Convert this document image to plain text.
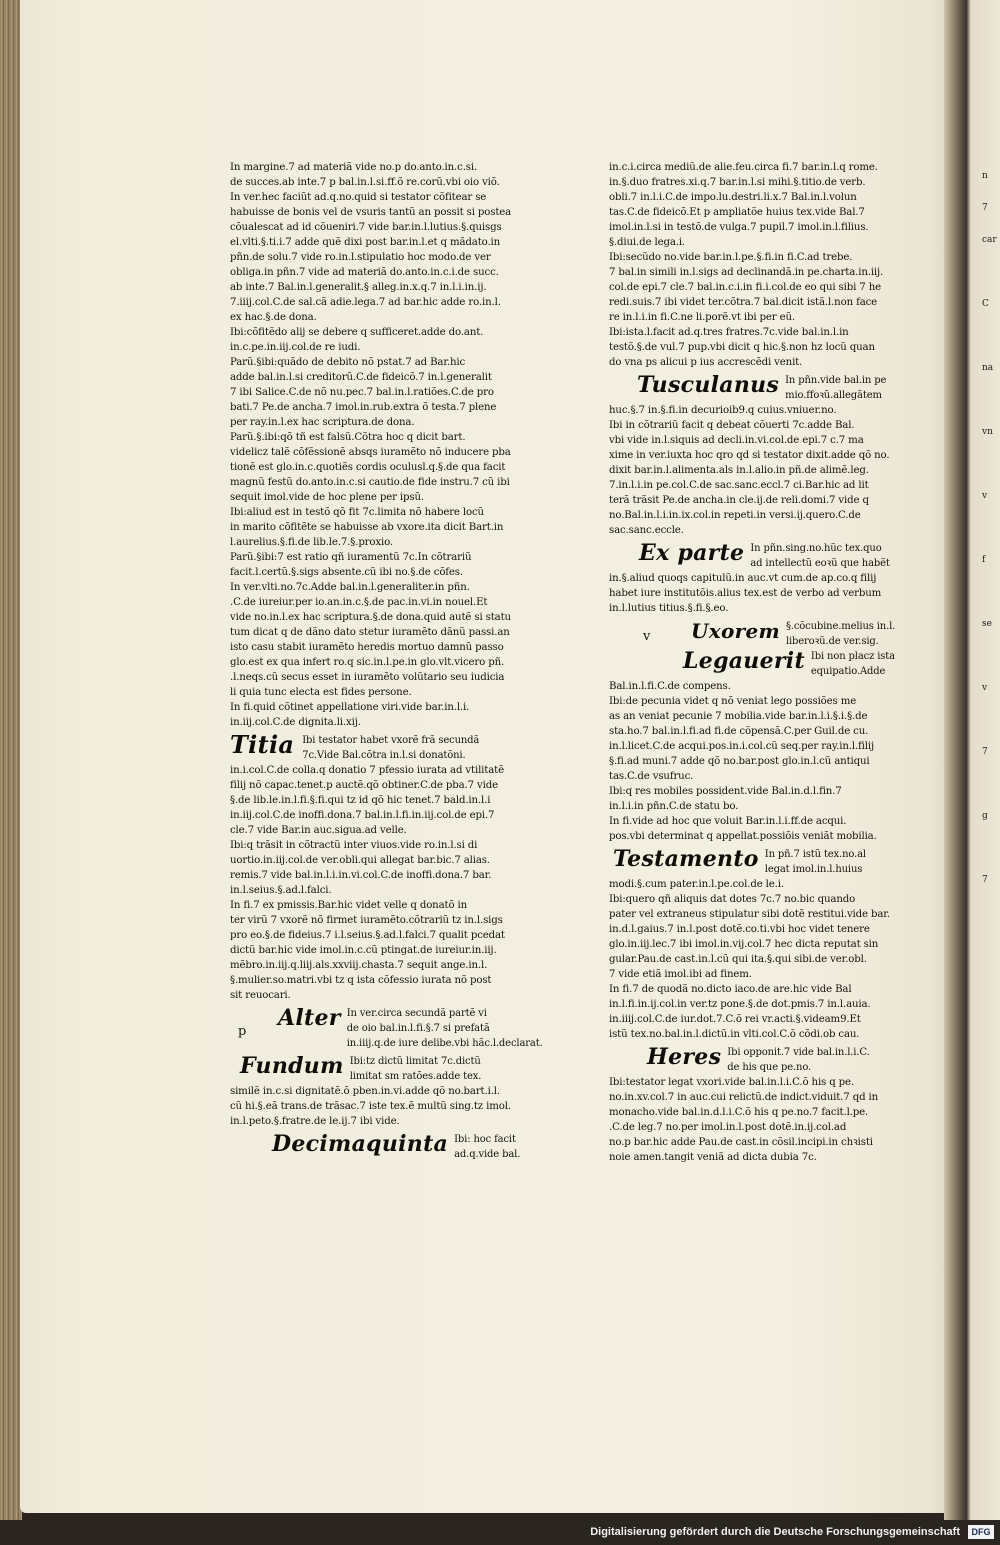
n
7
car
C
na
vn
v
f
se
v
7
g
7
In margine.7 ad materiã vide no.p do.anto.in.c.si.
de succes.ab inte.7 p bal.in.l.si.ff.õ re.corũ.vbi oio viõ.
In ver.hec faciũt ad.q.no.quid si testator cõfitear se
habuisse de bonis vel de vsuris tantũ an possit si postea
cõualescat ad id cõueniri.7 vide bar.in.l.lutius.§.quisgs
el.vlti.§.ti.i.7 adde quẽ dixi post bar.in.l.et q mãdato.in
pñn.de solu.7 vide ro.in.l.stipulatio hoc modo.de ver
obliga.in pñn.7 vide ad materiã do.anto.in.c.i.de succ.
ab inte.7 Bal.in.l.generalit.§ alleg.in.x.q.7 in.l.i.in.ij.
7.iiij.col.C.de sal.cã adie.lega.7 ad bar.hic adde ro.in.l.
ex hac.§.de dona.
Ibi:cõfitẽdo alij se debere q sufficeret.adde do.ant.
in.c.pe.in.iij.col.de re iudi.
Parũ.§ibi:quãdo de debito nõ pstat.7 ad Bar.hic
adde bal.in.l.si creditorũ.C.de fideicõ.7 in.l.generalit
7 ibi Salice.C.de nõ nu.pec.7 bal.in.l.ratiões.C.de pro
bati.7 Pe.de ancha.7 imol.in.rub.extra õ testa.7 plene
per ray.in.l.ex hac scriptura.de dona.
Parũ.§.ibi:qõ tñ est falsũ.Cõtra hoc q dicit bart.
videlicz talẽ cõfẽssionẽ absqs iuramẽto nõ inducere pba
tionẽ est glo.in.c.quotiẽs cordis oculusl.q.§.de qua facit
magnũ festũ do.anto.in.c.si cautio.de fide instru.7 cũ ibi
sequit imol.vide de hoc plene per ipsũ.
Ibi:aliud est in testõ qõ fit 7c.limita nõ habere locũ
in marito cõfitẽte se habuisse ab vxore.ita dicit Bart.in
l.aurelius.§.fi.de lib.le.7.§.proxio.
Parũ.§ibi:7 est ratio qñ iuramentũ 7c.In cõtrariũ
facit.l.certũ.§.sigs absente.cũ ibi no.§.de cõfes.
In ver.vlti.no.7c.Adde bal.in.l.generaliter.in pñn.
.C.de iureiur.per io.an.in.c.§.de pac.in.vi.in nouel.Et
vide no.in.l.ex hac scriptura.§.de dona.quid autẽ si statu
tum dicat q de dãno dato stetur iuramẽto dãnũ passi.an
isto casu stabit iuramẽto heredis mortuo damnũ passo
glo.est ex qua infert ro.q sic.in.l.pe.in glo.vlt.vicero pñ.
.l.neqs.cũ secus esset in iuramẽto volũtario seu iudicia
li quia tunc electa est fides persone.
In fi.quid cõtinet appellatione viri.vide bar.in.l.i.
in.iij.col.C.de dignita.li.xij.
Titia Ibi testator habet vxorẽ frã secundã
7c.Vide Bal.cõtra in.l.si donatõni.
in.i.col.C.de colla.q donatio 7 pfessio iurata ad vtilitatẽ
filij nõ capac.tenet.p auctẽ.qõ obtiner.C.de pba.7 vide
§.de lib.le.in.l.fi.§.fi.qui tz id qõ hic tenet.7 bald.in.l.i
in.iij.col.C.de inoffi.dona.7 bal.in.l.fi.in.iij.col.de epi.7
cle.7 vide Bar.in auc.sigua.ad velle.
Ibi:q trãsit in cõtractũ inter viuos.vide ro.in.l.si di
uortio.in.iij.col.de ver.obli.qui allegat bar.bic.7 alias.
remis.7 vide bal.in.l.i.in.vi.col.C.de inoffi.dona.7 bar.
in.l.seius.§.ad.l.falci.
In fi.7 ex pmissis.Bar.hic videt velle q donatõ in
ter virũ 7 vxorẽ nõ firmet iuramẽto.cõtrariũ tz in.l.sigs
pro eo.§.de fideius.7 i.l.seius.§.ad.l.falci.7 qualit pcedat
dictũ bar.hic vide imol.in.c.cũ ptingat.de iureiur.in.iij.
mẽbro.in.iij.q.liij.als.xxviij.chasta.7 sequit ange.in.l.
§.mulier.so.matri.vbi tz q ista cõfessio iurata nõ post
sit reuocari.
p
Alter In ver.circa secundã partẽ vi
de oio bal.in.l.fi.§.7 si prefatã
in.iiij.q.de iure delibe.vbi hãc.l.declarat.
Fundum Ibi:tz dictũ limitat 7c.dictũ
limitat sm ratões.adde tex.
similẽ in.c.si dignitatẽ.õ pben.in.vi.adde qõ no.bart.i.l.
cũ hi.§.eã trans.de trãsac.7 iste tex.ẽ multũ sing.tz imol.
in.l.peto.§.fratre.de le.ij.7 ibi vide.
Decimaquinta Ibi: hoc facit
ad.q.vide bal.
in.c.i.circa mediũ.de alie.feu.circa fi.7 bar.in.l.q rome.
in.§.duo fratres.xi.q.7 bar.in.l.si mihi.§.titio.de verb.
obli.7 in.l.i.C.de impo.lu.destri.li.x.7 Bal.in.l.volun
tas.C.de fideicõ.Et p ampliatõe huius tex.vide Bal.7
imol.in.l.si in testõ.de vulga.7 pupil.7 imol.in.l.filius.
§.diui.de lega.i.
Ibi:secũdo no.vide bar.in.l.pe.§.fi.in fi.C.ad trebe.
7 bal.in simili in.l.sigs ad declinandã.in pe.charta.in.iij.
col.de epi.7 cle.7 bal.in.c.i.in fi.i.col.de eo qui sibi 7 he
redi.suis.7 ibi videt ter.cõtra.7 bal.dicit istã.l.non face
re in.l.i.in fi.C.ne li.porẽ.vt ibi per eũ.
Ibi:ista.l.facit ad.q.tres fratres.7c.vide bal.in.l.in
testõ.§.de vul.7 pup.vbi dicit q hic.§.non hz locũ quan
do vna ps alicui p ius accrescẽdi venit.
Tusculanus In pñn.vide bal.in pe
mio.ffoꝛũ.allegãtem
huc.§.7 in.§.fi.in decurioib9.q cuius.vniuer.no.
Ibi in cõtrariũ facit q debeat cõuerti 7c.adde Bal.
vbi vide in.l.siquis ad decli.in.vi.col.de epi.7 c.7 ma
xime in ver.iuxta hoc qro qd si testator dixit.adde qõ no.
dixit bar.in.l.alimenta.als in.l.alio.in pñ.de alimẽ.leg.
7.in.l.i.in pe.col.C.de sac.sanc.eccl.7 ci.Bar.hic ad lit
terã trãsit Pe.de ancha.in cle.ij.de reli.domi.7 vide q
no.Bal.in.l.i.in.ix.col.in repeti.in versi.ij.quero.C.de
sac.sanc.eccle.
Ex parte In pñn.sing.no.hũc tex.quo
ad intellectũ eoꝛũ que habẽt
in.§.aliud quoqs capitulũ.in auc.vt cum.de ap.co.q filij
habet iure institutõis.alius tex.est de verbo ad verbum
in.l.lutius titius.§.fi.§.eo.
v Uxorem §.cõcubine.melius in.l.
liberoꝛũ.de ver.sig.
Legauerit Ibi non placz ista
equipatio.Adde
Bal.in.l.fi.C.de compens.
Ibi:de pecunia videt q nõ veniat lego possiões me
as an veniat pecunie 7 mobilia.vide bar.in.l.i.§.i.§.de
sta.ho.7 bal.in.l.fi.ad fi.de cõpensã.C.per Guil.de cu.
in.l.licet.C.de acqui.pos.in.i.col.cũ seq.per ray.in.l.filij
§.fi.ad muni.7 adde qõ no.bar.post glo.in.l.cũ antiqui
tas.C.de vsufruc.
Ibi:q res mobiles possident.vide Bal.in.d.l.fin.7
in.l.i.in pñn.C.de statu bo.
In fi.vide ad hoc que voluit Bar.in.l.i.ff.de acqui.
pos.vbi determinat q appellat.possiõis veniãt mobilia.
Testamento In pñ.7 istũ tex.no.al
legat imol.in.l.huius
modi.§.cum pater.in.l.pe.col.de le.i.
Ibi:quero qñ aliquis dat dotes 7c.7 no.bic quando
pater vel extraneus stipulatur sibi dotẽ restitui.vide bar.
in.d.l.gaius.7 in.l.post dotẽ.co.ti.vbi hoc videt tenere
glo.in.iij.lec.7 ibi imol.in.vij.col.7 hec dicta reputat sin
gular.Pau.de cast.in.l.cũ qui ita.§.qui sibi.de ver.obl.
7 vide etiã imol.ibi ad finem.
In fi.7 de quodã no.dicto iaco.de are.hic vide Bal
in.l.fi.in.ij.col.in ver.tz pone.§.de dot.pmis.7 in.l.auia.
in.iiij.col.C.de iur.dot.7.C.õ rei vr.acti.§.videam9.Et
istũ tex.no.bal.in.l.dictũ.in vlti.col.C.õ cõdi.ob cau.
Heres Ibi opponit.7 vide bal.in.l.i.C.
de his que pe.no.
Ibi:testator legat vxori.vide bal.in.l.i.C.õ his q pe.
no.in.xv.col.7 in auc.cui relictũ.de indict.viduit.7 qd in
monacho.vide bal.in.d.l.i.C.õ his q pe.no.7 facit.l.pe.
.C.de leg.7 no.per imol.in.l.post dotẽ.in.ij.col.ad
no.p bar.hic adde Pau.de cast.in cõsil.incipi.in chꝛisti
noie amen.tangit veniã ad dicta dubia 7c.
Digitalisierung gefördert durch die Deutsche Forschungsgemeinschaft	DFG
